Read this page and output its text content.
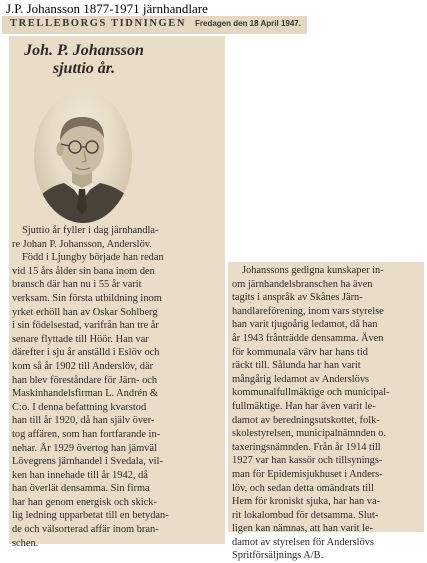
J.P. Johansson 1877-1971 järnhandlare
TRELLEBORGS TIDNINGEN Fredagen den 18 April 1947.
Joh. P. Johansson
sjuttio år.
Sjuttio år fyller i dag järnhandla-
re Johan P. Johansson, Anderslöv.
Född i Ljungby började han redan
vid 15 års ålder sin bana inom den
bransch där han nu i 55 år varit
verksam. Sin första utbildning inom
yrket erhöll han av Oskar Sohlberg
i sin födelsestad, varifrån han tre år
senare flyttade till Höör. Han var
därefter i sju år anställd i Eslöv och
kom så år 1902 till Anderslöv, där
han blev föreståndare för Järn- och
Maskinhandelsfirman L. Andrén &
C:o. I denna befattning kvarstod
han till år 1920, då han själv över-
tog affären, som han fortfarande in-
nehar. År 1929 övertog han jämväl
Lövegrens järnhandel i Svedala, vil-
ken han innehade till år 1942, då
han överlät densamma. Sin firma
har han genom energisk och skick-
lig ledning upparbetat till en betydan-
de och välsorterad affär inom bran-
schen.
Johanssons gedigna kunskaper in-
om järnhandelsbranschen ha även
tagits i anspråk av Skånes Järn-
handlareförening, inom vars styrelse
han varit tjugoårig ledamot, då han
år 1943 frånträdde densamma. Även
för kommunala värv har hans tid
räckt till. Sålunda har han varit
mångårig ledamot av Anderslövs
kommunalfullmäktige och municipal-
fullmäktige. Han har även varit le-
damot av beredningsutskottet, folk-
skolestyrelsen, municipalnämnden o.
taxeringsnämnden. Från år 1914 till
1927 var han kassör och tillsynings-
man för Epidemisjukhuset i Anders-
löv, och sedan detta omändrats till
Hem för kroniskt sjuka, har han va-
rit lokalombud för detsamma. Slut-
ligen kan nämnas, att han varit le-
damot av styrelsen för Anderslövs
Spritförsäljnings A/B.
